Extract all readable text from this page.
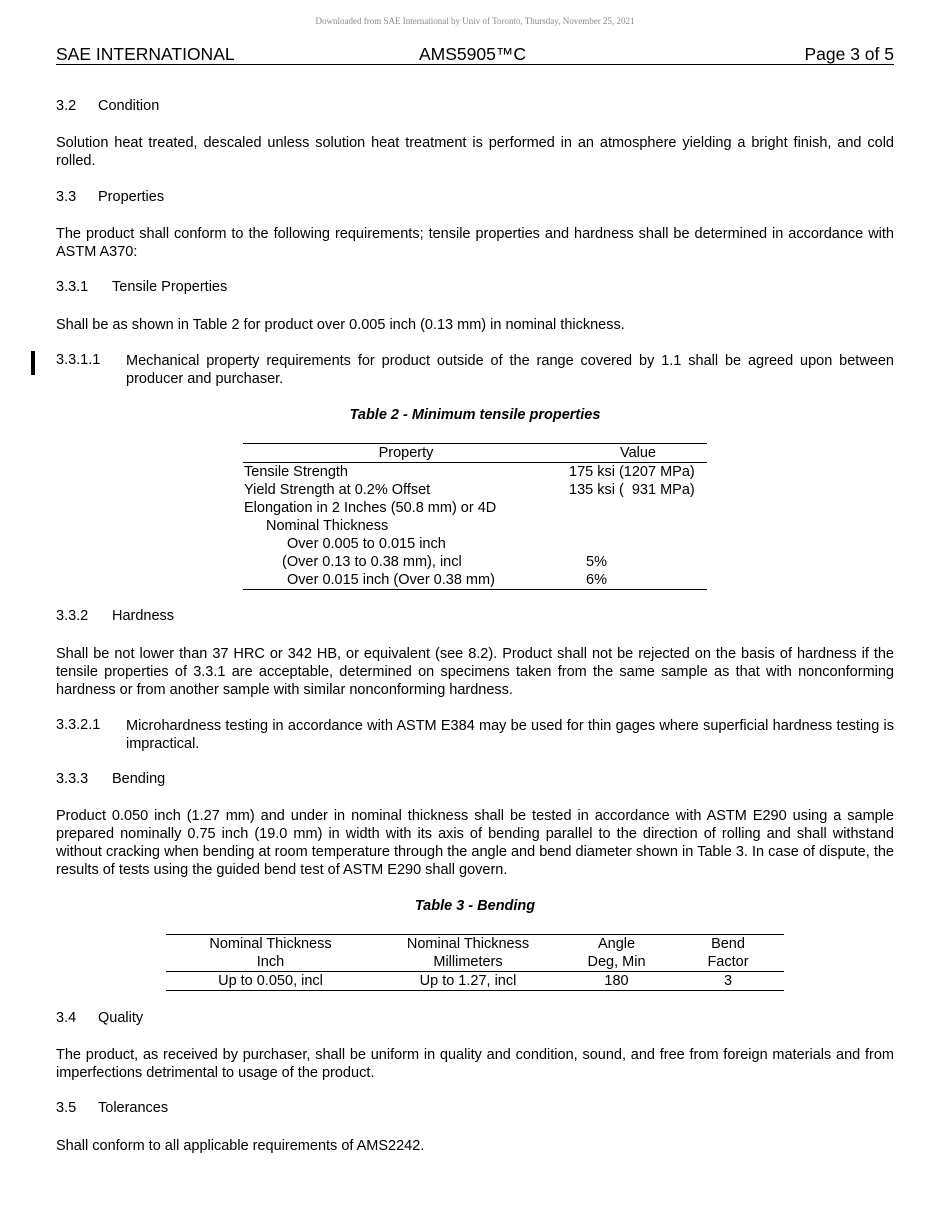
Downloaded from SAE International by Univ of Toronto, Thursday, November 25, 2021
SAE INTERNATIONAL	AMS5905™C	Page 3 of 5
3.2 Condition
Solution heat treated, descaled unless solution heat treatment is performed in an atmosphere yielding a bright finish, and cold rolled.
3.3 Properties
The product shall conform to the following requirements; tensile properties and hardness shall be determined in accordance with ASTM A370:
3.3.1 Tensile Properties
Shall be as shown in Table 2 for product over 0.005 inch (0.13 mm) in nominal thickness.
3.3.1.1 Mechanical property requirements for product outside of the range covered by 1.1 shall be agreed upon between producer and purchaser.
Table 2 - Minimum tensile properties
Property	Value
Tensile Strength	175 ksi (1207 MPa)
Yield Strength at 0.2% Offset	135 ksi (  931 MPa)
Elongation in 2 Inches (50.8 mm) or 4D	
Nominal Thickness	
Over 0.005 to 0.015 inch	
(Over 0.13 to 0.38 mm), incl	5%
Over 0.015 inch (Over 0.38 mm)	6%
3.3.2 Hardness
Shall be not lower than 37 HRC or 342 HB, or equivalent (see 8.2). Product shall not be rejected on the basis of hardness if the tensile properties of 3.3.1 are acceptable, determined on specimens taken from the same sample as that with nonconforming hardness or from another sample with similar nonconforming hardness.
3.3.2.1 Microhardness testing in accordance with ASTM E384 may be used for thin gages where superficial hardness testing is impractical.
3.3.3 Bending
Product 0.050 inch (1.27 mm) and under in nominal thickness shall be tested in accordance with ASTM E290 using a sample prepared nominally 0.75 inch (19.0 mm) in width with its axis of bending parallel to the direction of rolling and shall withstand without cracking when bending at room temperature through the angle and bend diameter shown in Table 3. In case of dispute, the results of tests using the guided bend test of ASTM E290 shall govern.
Table 3 - Bending
Nominal Thickness	Nominal Thickness	Angle	Bend
Inch	Millimeters	Deg, Min	Factor
Up to 0.050, incl	Up to 1.27, incl	180	3
3.4 Quality
The product, as received by purchaser, shall be uniform in quality and condition, sound, and free from foreign materials and from imperfections detrimental to usage of the product.
3.5 Tolerances
Shall conform to all applicable requirements of AMS2242.
